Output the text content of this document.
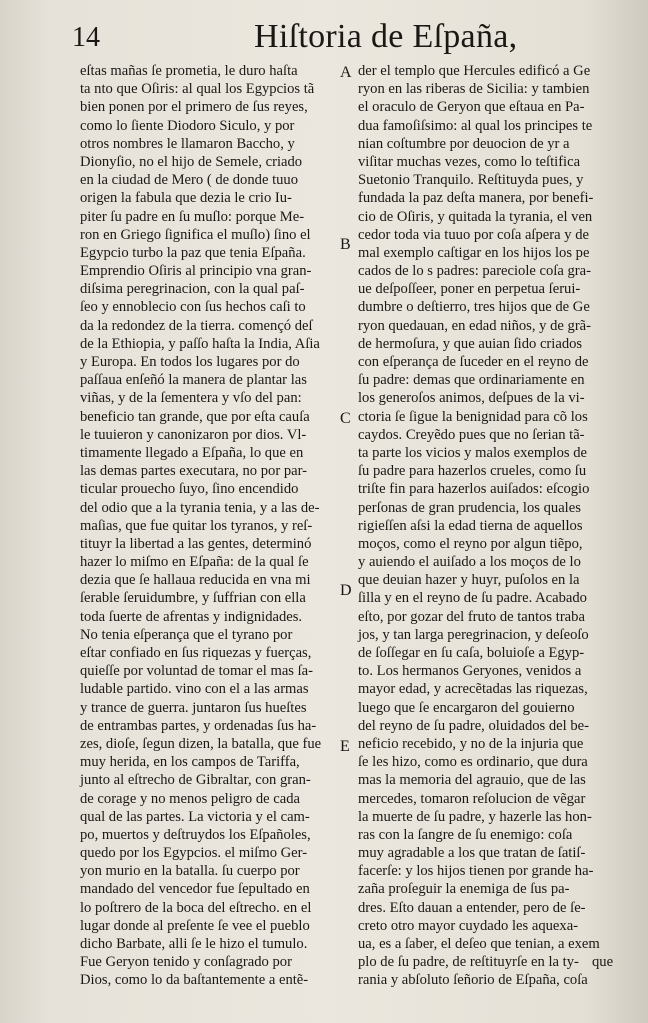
14	Hiſtoria de Eſpaña,
eſtas mañas ſe prometia, le duro haſta
ta nto que Oſiris: al qual los Egypcios tã
bien ponen por el primero de ſus reyes,
como lo ſiente Diodoro Siculo, y por
otros nombres le llamaron Baccho, y
Dionyſio, no el hijo de Semele, criado
en la ciudad de Mero ( de donde tuuo
origen la fabula que dezia le crio Iu-
piter ſu padre en ſu muſlo: porque Me-
ron en Griego ſignifica el muſlo) ſino el
Egypcio turbo la paz que tenia Eſpaña.
Emprendio Oſiris al principio vna gran-
diſsima peregrinacion, con la qual paſ-
ſeo y ennoblecio con ſus hechos caſi to
da la redondez de la tierra. començó deſ
de la Ethiopia, y paſſo haſta la India, Aſia
y Europa. En todos los lugares por do
paſſaua enſeñó la manera de plantar las
viñas, y de la ſementera y vſo del pan:
beneficio tan grande, que por eſta cauſa
le tuuieron y canonizaron por dios. Vl-
timamente llegado a Eſpaña, lo que en
las demas partes executara, no por par-
ticular prouecho ſuyo, ſino encendido
del odio que a la tyrania tenia, y a las de-
maſias, que fue quitar los tyranos, y reſ-
tituyr la libertad a las gentes, determinó
hazer lo miſmo en Eſpaña: de la qual ſe
dezia que ſe hallaua reducida en vna mi
ſerable ſeruidumbre, y ſuffrian con ella
toda ſuerte de afrentas y indignidades.
No tenia eſperança que el tyrano por
eſtar confiado en ſus riquezas y fuerças,
quieſſe por voluntad de tomar el mas ſa-
ludable partido. vino con el a las armas
y trance de guerra. juntaron ſus hueſtes
de entrambas partes, y ordenadas ſus ha-
zes, dioſe, ſegun dizen, la batalla, que fue
muy herida, en los campos de Tariffa,
junto al eſtrecho de Gibraltar, con gran-
de corage y no menos peligro de cada
qual de las partes. La victoria y el cam-
po, muertos y deſtruydos los Eſpañoles,
quedo por los Egypcios. el miſmo Ger-
yon murio en la batalla. ſu cuerpo por
mandado del vencedor fue ſepultado en
lo poſtrero de la boca del eſtrecho. en el
lugar donde al preſente ſe vee el pueblo
dicho Barbate, alli ſe le hizo el tumulo.
Fue Geryon tenido y conſagrado por
Dios, como lo da baſtantemente a entẽ-
der el templo que Hercules edificó a Ge
ryon en las riberas de Sicilia: y tambien
el oraculo de Geryon que eſtaua en Pa-
dua famoſiſsimo: al qual los principes te
nian coſtumbre por deuocion de yr a
viſitar muchas vezes, como lo teſtifica
Suetonio Tranquilo. Reſtituyda pues, y
fundada la paz deſta manera, por benefi-
cio de Oſiris, y quitada la tyrania, el ven
cedor toda via tuuo por coſa aſpera y de
mal exemplo caſtigar en los hijos los pe
cados de lo s padres: pareciole coſa gra-
ue deſpoſſeer, poner en perpetua ſerui-
dumbre o deſtierro, tres hijos que de Ge
ryon quedauan, en edad niños, y de grã-
de hermoſura, y que auian ſido criados
con eſperança de ſuceder en el reyno de
ſu padre: demas que ordinariamente en
los generoſos animos, deſpues de la vi-
ctoria ſe ſigue la benignidad para cõ los
caydos. Creyẽdo pues que no ſerian tã-
ta parte los vicios y malos exemplos de
ſu padre para hazerlos crueles, como ſu
triſte fin para hazerlos auiſados: eſcogio
perſonas de gran prudencia, los quales
rigieſſen aſsi la edad tierna de aquellos
moços, como el reyno por algun tiẽpo,
y auiendo el auiſado a los moços de lo
que deuian hazer y huyr, puſolos en la
ſilla y en el reyno de ſu padre. Acabado
eſto, por gozar del fruto de tantos traba
jos, y tan larga peregrinacion, y deſeoſo
de ſoſſegar en ſu caſa, boluioſe a Egyp-
to. Los hermanos Geryones, venidos a
mayor edad, y acrecẽtadas las riquezas,
luego que ſe encargaron del gouierno
del reyno de ſu padre, oluidados del be-
neficio recebido, y no de la injuria que
ſe les hizo, como es ordinario, que dura
mas la memoria del agrauio, que de las
mercedes, tomaron reſolucion de vẽgar
la muerte de ſu padre, y hazerle las hon-
ras con la ſangre de ſu enemigo: coſa
muy agradable a los que tratan de ſatiſ-
facerſe: y los hijos tienen por grande ha-
zaña proſeguir la enemiga de ſus pa-
dres. Eſto dauan a entender, pero de ſe-
creto otro mayor cuydado les aquexa-
ua, es a ſaber, el deſeo que tenian, a exem
plo de ſu padre, de reſtituyrſe en la ty-
rania y abſoluto ſeñorio de Eſpaña, coſa
A
B
C
D
E
que
